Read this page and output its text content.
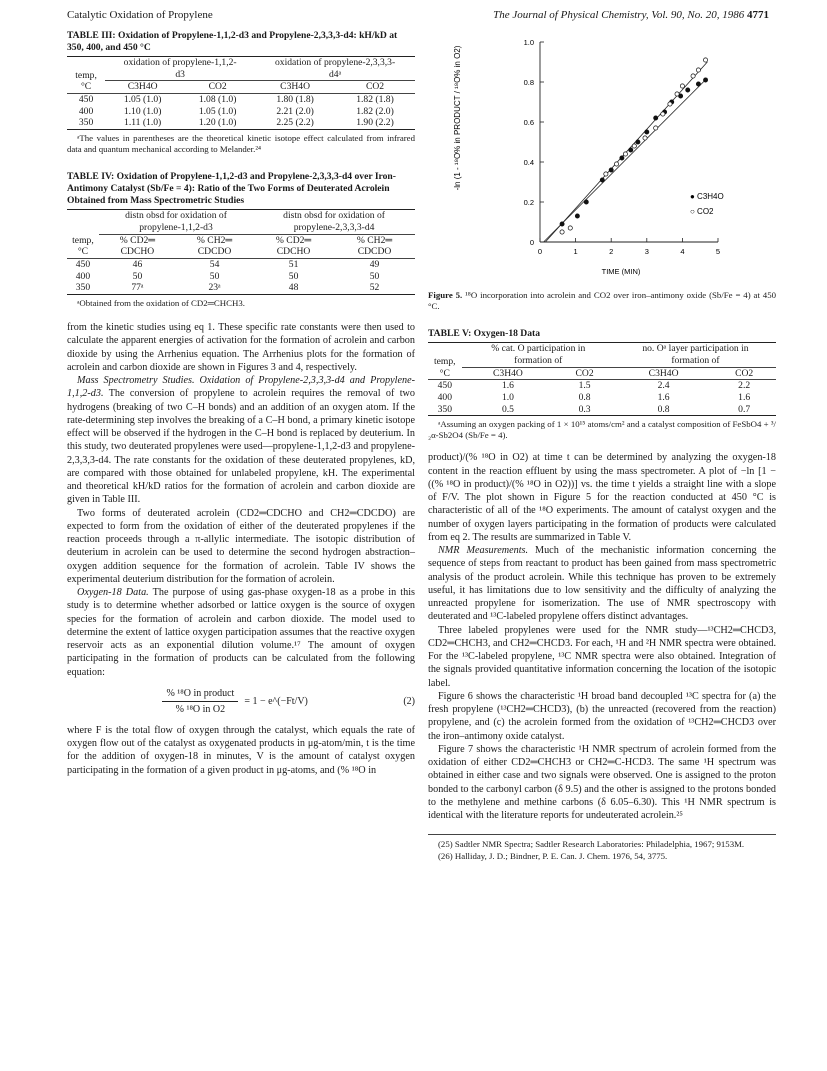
Catalytic Oxidation of Propylene	The Journal of Physical Chemistry, Vol. 90, No. 20, 1986 4771
TABLE III: Oxidation of Propylene-1,1,2-d3 and Propylene-2,3,3,3-d4: kH/kD at 350, 400, and 450 °C
temp, °C	oxidation of propylene-1,1,2-d3		oxidation of propylene-2,3,3,3-d4ᵃ	
	C3H4O	CO2	C3H4O	CO2
450	1.05 (1.0)	1.08 (1.0)	1.80 (1.8)	1.82 (1.8)
400	1.10 (1.0)	1.05 (1.0)	2.21 (2.0)	1.82 (2.0)
350	1.11 (1.0)	1.20 (1.0)	2.25 (2.2)	1.90 (2.2)

ᵃThe values in parentheses are the theoretical kinetic isotope effect calculated from infrared data and quantum mechanical according to Melander.²⁴

TABLE IV: Oxidation of Propylene-1,1,2-d3 and Propylene-2,3,3,3-d4 over Iron-Antimony Catalyst (Sb/Fe = 4): Ratio of the Two Forms of Deuterated Acrolein Obtained from Mass Spectrometric Studies
temp, °C	distn obsd for oxidation of propylene-1,1,2-d3		distn obsd for oxidation of propylene-2,3,3,3-d4	
	% CD2═ CDCHO	% CH2═ CDCDO	% CD2═ CDCHO	% CH2═ CDCDO
450	46	54	51	49
400	50	50	50	50
350	77ᵃ	23ᵃ	48	52

ᵃObtained from the oxidation of CD2═CHCH3.

from the kinetic studies using eq 1. These specific rate constants were then used to calculate the apparent energies of activation for the formation of acrolein and carbon dioxide by using the Arrhenius equation. The Arrhenius plots for the formation of acrolein and carbon dioxide are shown in Figures 3 and 4, respectively.

Mass Spectrometry Studies. Oxidation of Propylene-2,3,3,3-d4 and Propylene-1,1,2-d3. The conversion of propylene to acrolein requires the removal of two hydrogens (breaking of two C–H bonds) and an addition of an oxygen atom. If the rate-determining step involves the breaking of a C–H bond, a primary kinetic isotope effect will be observed if the hydrogen in the C–H bond is replaced by deuterium. In this study, two deuterated propylenes were used—propylene-1,1,2-d3 and propylene-2,3,3,3-d4. The rate constants for the oxidation of these deuterated propylenes, kD, are compared with those obtained for unlabeled propylene, kH. The experimental and theoretical kH/kD ratios for the formation of acrolein and carbon dioxide are given in Table III.

Two forms of deuterated acrolein (CD2═CDCHO and CH2═CDCDO) are expected to form from the oxidation of either of the deuterated propylenes if the reaction proceeds through a π-allylic intermediate. The isotopic distribution of deuterium in acrolein can be used to determine the second hydrogen abstraction–oxygen addition sequence for the formation of acrolein. Table IV shows the experimental deuterium distribution for the formation of acrolein.

Oxygen-18 Data. The purpose of using gas-phase oxygen-18 as a probe in this study is to determine whether adsorbed or lattice oxygen is the source of oxygen species for the formation of acrolein and carbon dioxide. The model used to determine the extent of lattice oxygen participation assumes that the reactive oxygen reservoir acts as an exponential dilution volume.¹⁷ The amount of oxygen participating in the formation of products can be calculated from the following equation:

$\frac{\text{\% ¹⁸O in product}}{\text{\% ¹⁸O in O2}} = 1$ − e^(−Ft/V)	(2)

where F is the total flow of oxygen through the catalyst, which equals the rate of oxygen flow out of the catalyst as oxygenated products in μg-atom/min, t is the time for the addition of oxygen-18 in minutes, V is the amount of catalyst oxygen participating in the formation of a given product in μg-atoms, and (% ¹⁸O in

0	1	2	3	4	5
0
0.2
0.4
0.6
0.8
1.0
-ln (1 - ¹⁸O% in PRODUCT / ¹⁸O% in O2)
TIME (MIN)
● C3H4O
○ CO2

Figure 5. ¹⁸O incorporation into acrolein and CO2 over iron–antimony oxide (Sb/Fe = 4) at 450 °C.

TABLE V: Oxygen-18 Data
temp, °C	% cat. O participation in formation of		no. Oᵃ layer participation in formation of	
	C3H4O	CO2	C3H4O	CO2
450	1.6	1.5	2.4	2.2
400	1.0	0.8	1.6	1.6
350	0.5	0.3	0.8	0.7

ᵃAssuming an oxygen packing of 1 × 10¹⁵ atoms/cm² and a catalyst composition of FeSbO4 + ³/₂α-Sb2O4 (Sb/Fe = 4).

product)/(% ¹⁸O in O2) at time t can be determined by analyzing the oxygen-18 content in the reaction effluent by using the mass spectrometer. A plot of −ln [1 − ((% ¹⁸O in product)/(% ¹⁸O in O2))] vs. the time t yields a straight line with a slope of F/V. The plot shown in Figure 5 for the reaction conducted at 450 °C is characteristic of all of the ¹⁸O experiments. The amount of catalyst oxygen and the number of oxygen layers participating in the formation of products were calculated from eq 2. The results are summarized in Table V.

NMR Measurements. Much of the mechanistic information concerning the sequence of steps from reactant to product has been gained from mass spectrometric analysis of the product acrolein. While this technique has proven to be extremely useful, it has limitations due to low sensitivity and the difficulty of analyzing the unreacted propylene for isomerization. The use of NMR spectroscopy with deuterated and ¹³C-labeled propylene offers distinct advantages.

Three labeled propylenes were used for the NMR study—¹³CH2═CHCD3, CD2═CHCH3, and CH2═CHCD3. For each, ¹H and ²H NMR spectra were obtained. For the ¹³C-labeled propylene, ¹³C NMR spectra were also obtained. Integration of the signals provided quantitative information concerning the location of the isotopic label.

Figure 6 shows the characteristic ¹H broad band decoupled ¹³C spectra for (a) the fresh propylene (¹³CH2═CHCD3), (b) the unreacted (recovered from the reaction) propylene, and (c) the acrolein formed from the oxidation of ¹³CH2═CHCD3 over the iron–antimony oxide catalyst.

Figure 7 shows the characteristic ¹H NMR spectrum of acrolein formed from the oxidation of either CD2═CHCH3 or CH2═C-HCD3. The same ¹H spectrum was obtained in either case and two signals were observed. One is assigned to the proton bonded to the carbonyl carbon (δ 9.5) and the other is assigned to the protons bonded to the methylene and methine carbons (δ 6.05–6.30). This ¹H NMR spectrum is identical with the literature reports for undeuterated acrolein.²⁵

(25) Sadtler NMR Spectra; Sadtler Research Laboratories: Philadelphia, 1967; 9153M.

(26) Halliday, J. D.; Bindner, P. E. Can. J. Chem. 1976, 54, 3775.
